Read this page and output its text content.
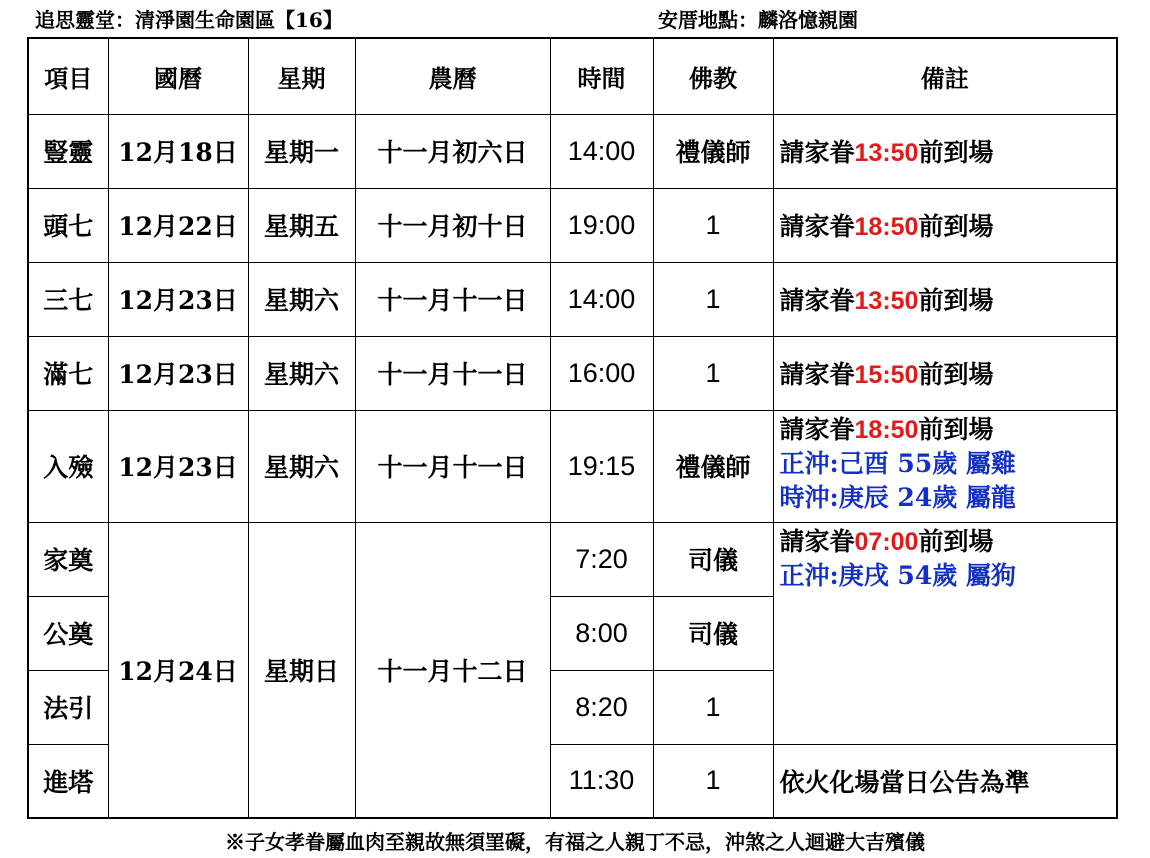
追思靈堂：清淨園生命園區【16】	安厝地點：麟洛憶親園
項目	國曆	星期	農曆	時間	佛教	備註
豎靈	12月18日	星期一	十一月初六日	14:00	禮儀師	請家眷13:50前到場
頭七	12月22日	星期五	十一月初十日	19:00	1	請家眷18:50前到場
三七	12月23日	星期六	十一月十一日	14:00	1	請家眷13:50前到場
滿七	12月23日	星期六	十一月十一日	16:00	1	請家眷15:50前到場
入殮	12月23日	星期六	十一月十一日	19:15	禮儀師	請家眷18:50前到場
正沖:己酉 55歲 屬雞
時沖:庚辰 24歲 屬龍

家奠	12月24日	星期日	十一月十二日	7:20	司儀	請家眷07:00前到場
正沖:庚戌 54歲 屬狗

公奠				8:00	司儀	
法引				8:20	1	
進塔				11:30	1	依火化場當日公告為準
※子女孝眷屬血肉至親故無須罣礙，有福之人親丁不忌，沖煞之人迴避大吉殯儀
